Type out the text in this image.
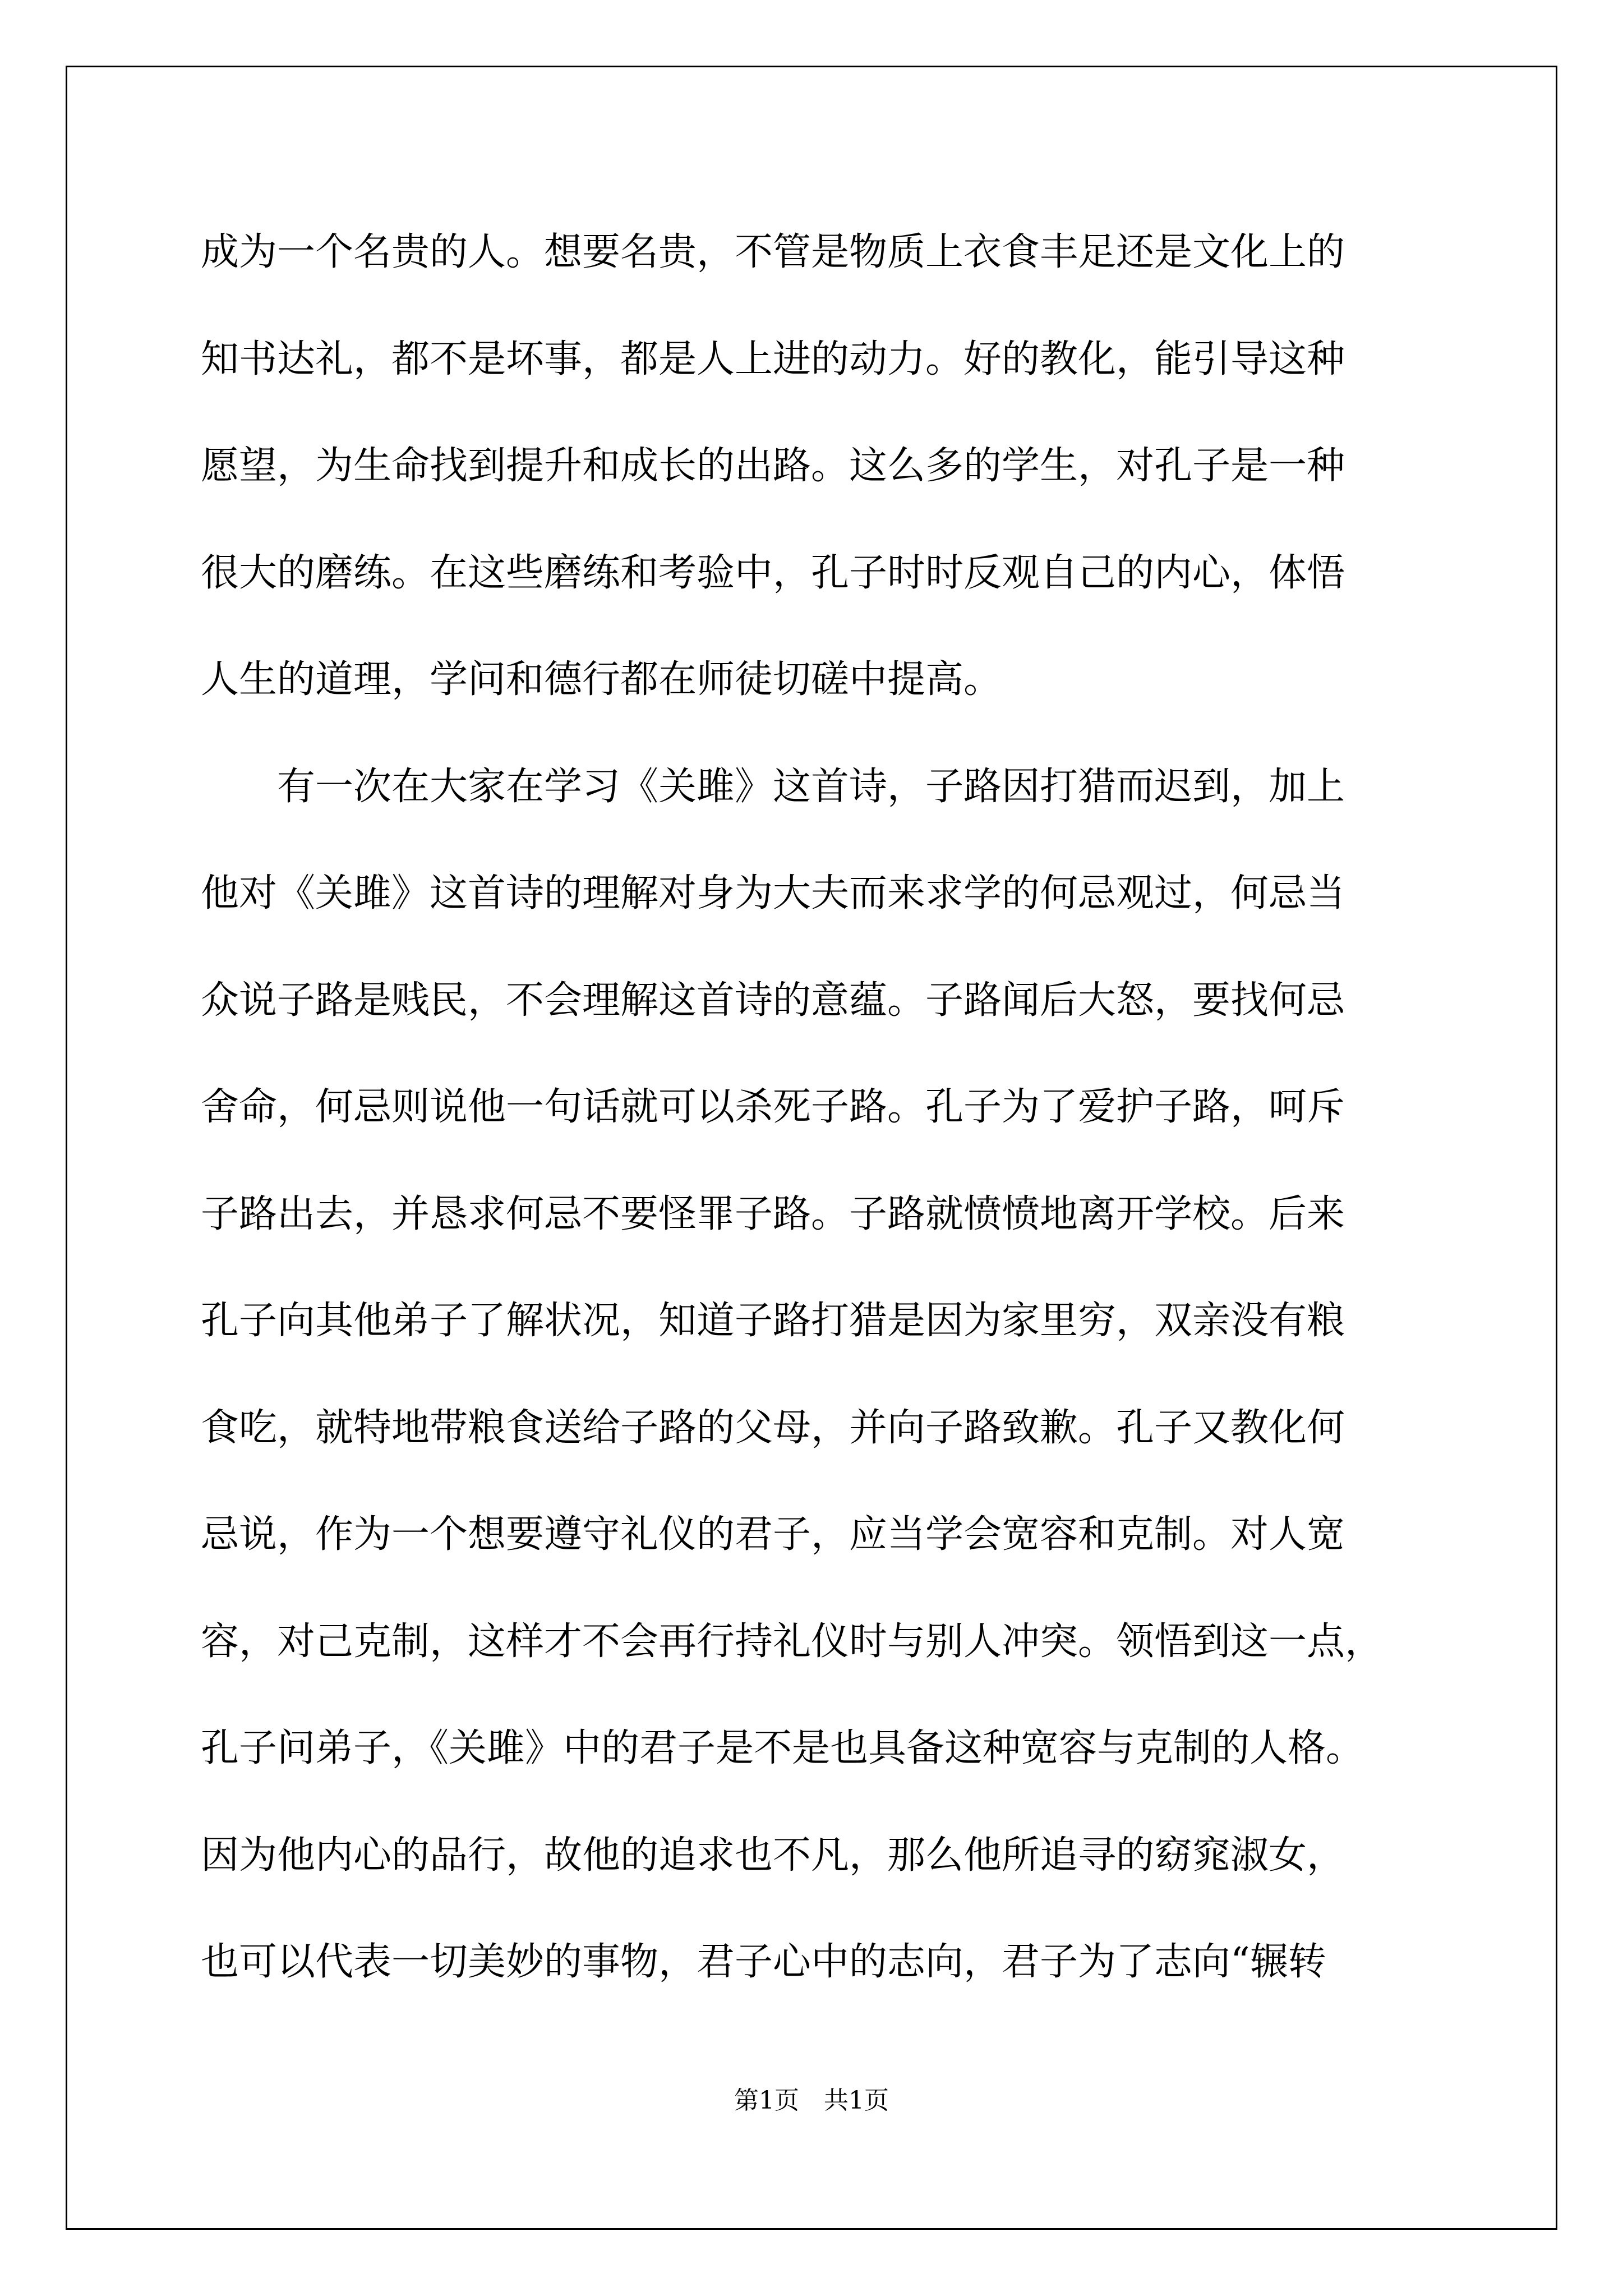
成为一个名贵的人。想要名贵，不管是物质上衣食丰足还是文化上的
知书达礼，都不是坏事，都是人上进的动力。好的教化，能引导这种
愿望，为生命找到提升和成长的出路。这么多的学生，对孔子是一种
很大的磨练。在这些磨练和考验中，孔子时时反观自己的内心，体悟
人生的道理，学问和德行都在师徒切磋中提高。
　　有一次在大家在学习《关雎》这首诗，子路因打猎而迟到，加上
他对《关雎》这首诗的理解对身为大夫而来求学的何忌观过，何忌当
众说子路是贱民，不会理解这首诗的意蕴。子路闻后大怒，要找何忌
舍命，何忌则说他一句话就可以杀死子路。孔子为了爱护子路，呵斥
子路出去，并恳求何忌不要怪罪子路。子路就愤愤地离开学校。后来
孔子向其他弟子了解状况，知道子路打猎是因为家里穷，双亲没有粮
食吃，就特地带粮食送给子路的父母，并向子路致歉。孔子又教化何
忌说，作为一个想要遵守礼仪的君子，应当学会宽容和克制。对人宽
容，对己克制，这样才不会再行持礼仪时与别人冲突。领悟到这一点，
孔子问弟子，《关雎》中的君子是不是也具备这种宽容与克制的人格。
因为他内心的品行，故他的追求也不凡，那么他所追寻的窈窕淑女，
也可以代表一切美妙的事物，君子心中的志向，君子为了志向“辗转
第1页　共1页
